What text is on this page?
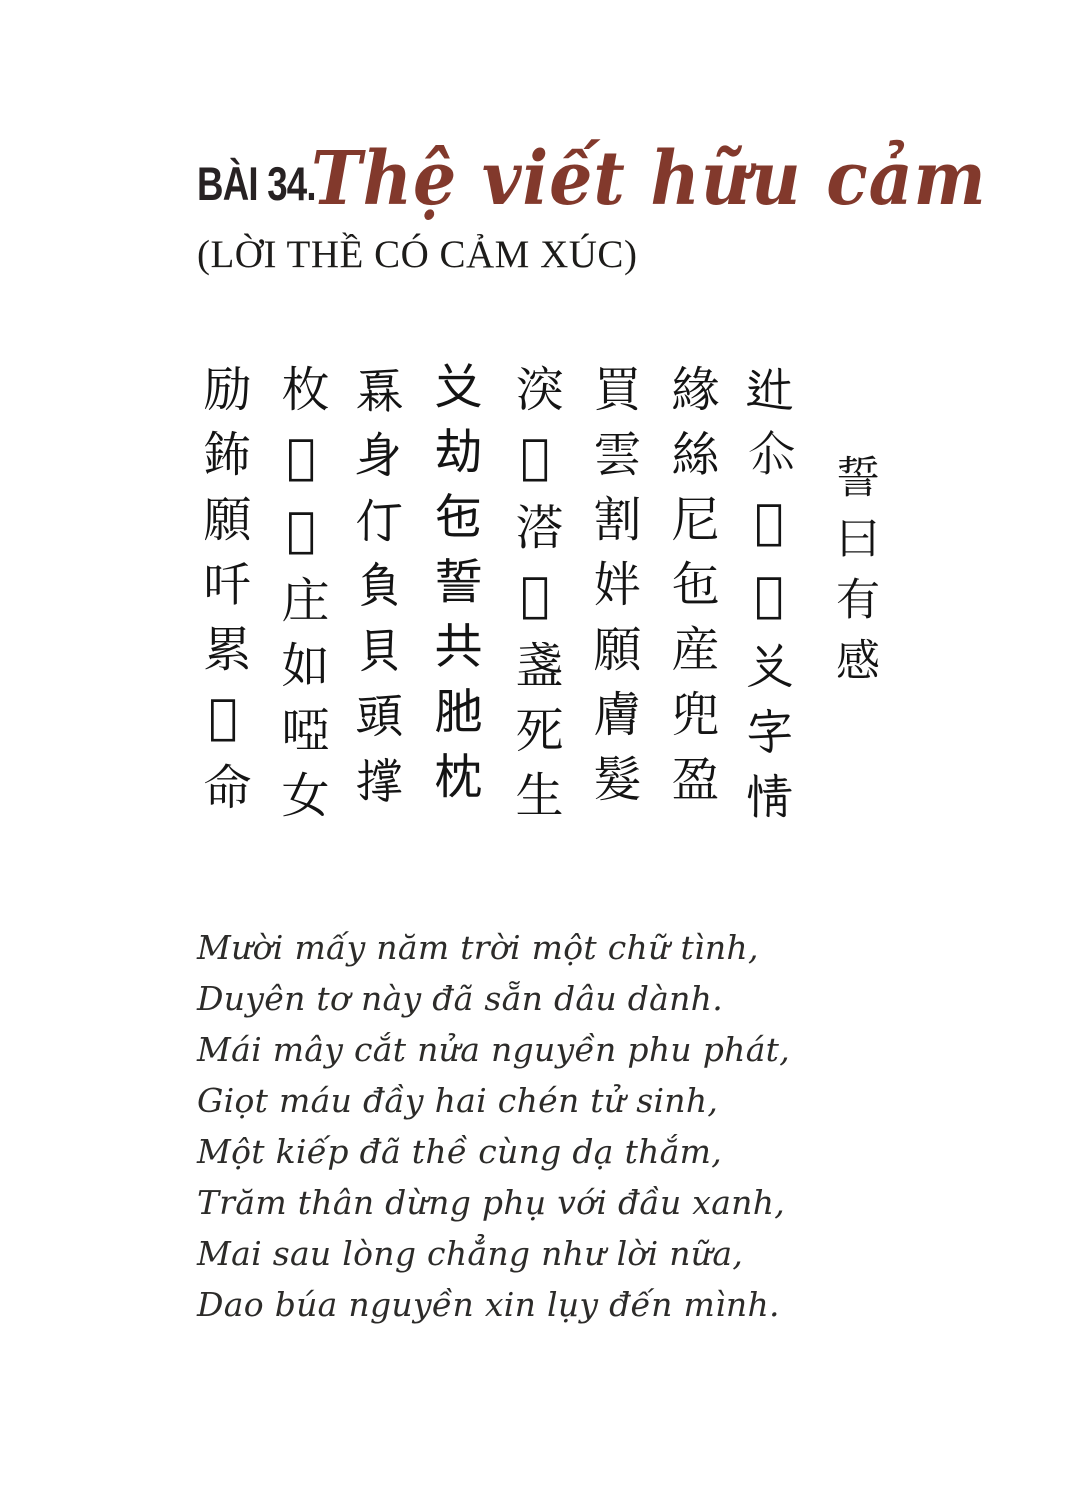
BÀI 34.
Thệ viết hữu cảm
(LỜI THỀ CÓ CẢM XÚC)
誓曰有感
𨑮𠇍𢆥𡗶𠬠字情
緣絲尼㐌産兜盈
買雲割姅願膚髮
湥𧖱溚𠄩盞死生
𠬠劫㐌誓共肔枕
𤾓身仃負貝頭撑
枚𡢐𢚸庄如啞女
励鈽願吀累𦤾命
Mười mấy năm trời một chữ tình,
Duyên tơ này đã sẵn dâu dành.
Mái mây cắt nửa nguyền phu phát,
Giọt máu đầy hai chén tử sinh,
Một kiếp đã thề cùng dạ thắm,
Trăm thân dừng phụ với đầu xanh,
Mai sau lòng chẳng như lời nữa,
Dao búa nguyền xin lụy đến mình.
